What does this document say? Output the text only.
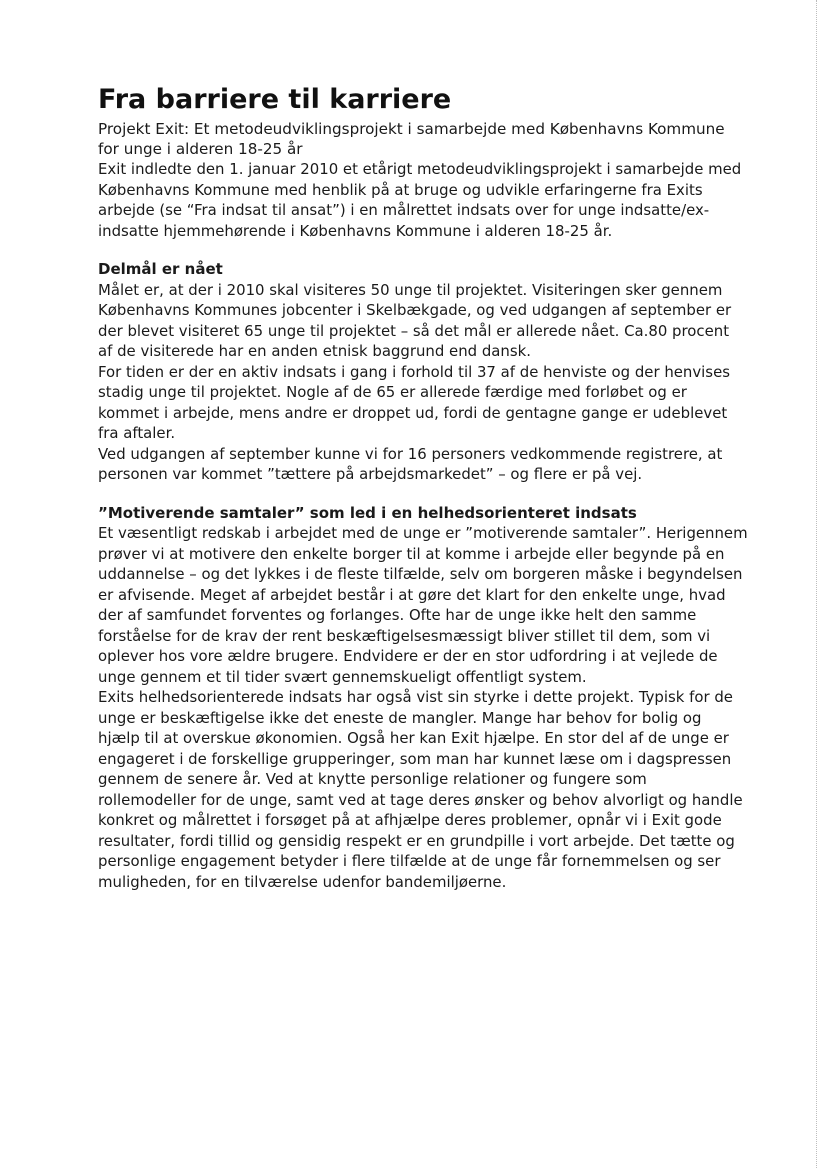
Fra barriere til karriere
Projekt Exit: Et metodeudviklingsprojekt i samarbejde med Københavns Kommune
for unge i alderen 18-25 år

Exit indledte den 1. januar 2010 et etårigt metodeudviklingsprojekt i samarbejde med
Københavns Kommune med henblik på at bruge og udvikle erfaringerne fra Exits
arbejde (se “Fra indsat til ansat”) i en målrettet indsats over for unge indsatte/ex-
indsatte hjemmehørende i Københavns Kommune i alderen 18-25 år.

Delmål er nået

Målet er, at der i 2010 skal visiteres 50 unge til projektet. Visiteringen sker gennem
Københavns Kommunes jobcenter i Skelbækgade, og ved udgangen af september er
der blevet visiteret 65 unge til projektet – så det mål er allerede nået. Ca.80 procent
af de visiterede har en anden etnisk baggrund end dansk.

For tiden er der en aktiv indsats i gang i forhold til 37 af de henviste og der henvises
stadig unge til projektet. Nogle af de 65 er allerede færdige med forløbet og er
kommet i arbejde, mens andre er droppet ud, fordi de gentagne gange er udeblevet
fra aftaler.

Ved udgangen af september kunne vi for 16 personers vedkommende registrere, at
personen var kommet ”tættere på arbejdsmarkedet” – og flere er på vej.

”Motiverende samtaler” som led i en helhedsorienteret indsats

Et væsentligt redskab i arbejdet med de unge er ”motiverende samtaler”. Herigennem
prøver vi at motivere den enkelte borger til at komme i arbejde eller begynde på en
uddannelse – og det lykkes i de fleste tilfælde, selv om borgeren måske i begyndelsen
er afvisende. Meget af arbejdet består i at gøre det klart for den enkelte unge, hvad
der af samfundet forventes og forlanges. Ofte har de unge ikke helt den samme
forståelse for de krav der rent beskæftigelsesmæssigt bliver stillet til dem, som vi
oplever hos vore ældre brugere. Endvidere er der en stor udfordring i at vejlede de
unge gennem et til tider svært gennemskueligt offentligt system.

Exits helhedsorienterede indsats har også vist sin styrke i dette projekt. Typisk for de
unge er beskæftigelse ikke det eneste de mangler. Mange har behov for bolig og
hjælp til at overskue økonomien. Også her kan Exit hjælpe. En stor del af de unge er
engageret i de forskellige grupperinger, som man har kunnet læse om i dagspressen
gennem de senere år. Ved at knytte personlige relationer og fungere som
rollemodeller for de unge, samt ved at tage deres ønsker og behov alvorligt og handle
konkret og målrettet i forsøget på at afhjælpe deres problemer, opnår vi i Exit gode
resultater, fordi tillid og gensidig respekt er en grundpille i vort arbejde. Det tætte og
personlige engagement betyder i flere tilfælde at de unge får fornemmelsen og ser
muligheden, for en tilværelse udenfor bandemiljøerne.
